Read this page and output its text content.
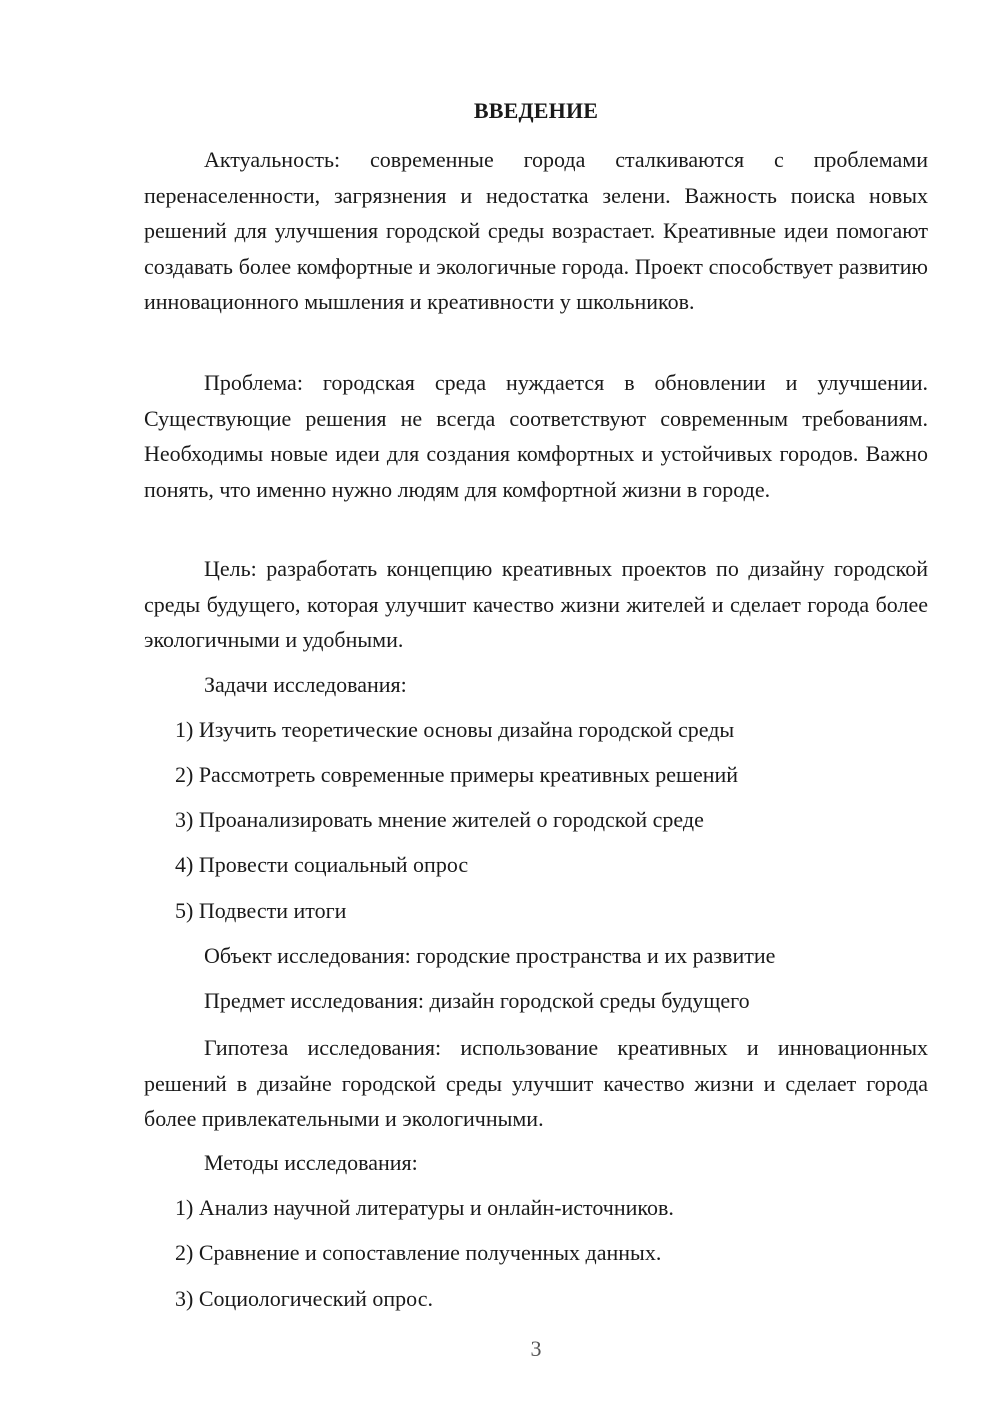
ВВЕДЕНИЕ

Актуальность: современные города сталкиваются с проблемами перенаселенности, загрязнения и недостатка зелени. Важность поиска новых решений для улучшения городской среды возрастает. Креативные идеи помогают создавать более комфортные и экологичные города. Проект способствует развитию инновационного мышления и креативности у школьников.

Проблема: городская среда нуждается в обновлении и улучшении. Существующие решения не всегда соответствуют современным требованиям. Необходимы новые идеи для создания комфортных и устойчивых городов. Важно понять, что именно нужно людям для комфортной жизни в городе.

Цель: разработать концепцию креативных проектов по дизайну городской среды будущего, которая улучшит качество жизни жителей и сделает города более экологичными и удобными.

Задачи исследования:

1) Изучить теоретические основы дизайна городской среды

2) Рассмотреть современные примеры креативных решений

3) Проанализировать мнение жителей о городской среде

4) Провести социальный опрос

5) Подвести итоги

Объект исследования: городские пространства и их развитие

Предмет исследования: дизайн городской среды будущего

Гипотеза исследования: использование креативных и инновационных решений в дизайне городской среды улучшит качество жизни и сделает города более привлекательными и экологичными.

Методы исследования:

1) Анализ научной литературы и онлайн-источников.

2) Сравнение и сопоставление полученных данных.

3) Социологический опрос.

3
